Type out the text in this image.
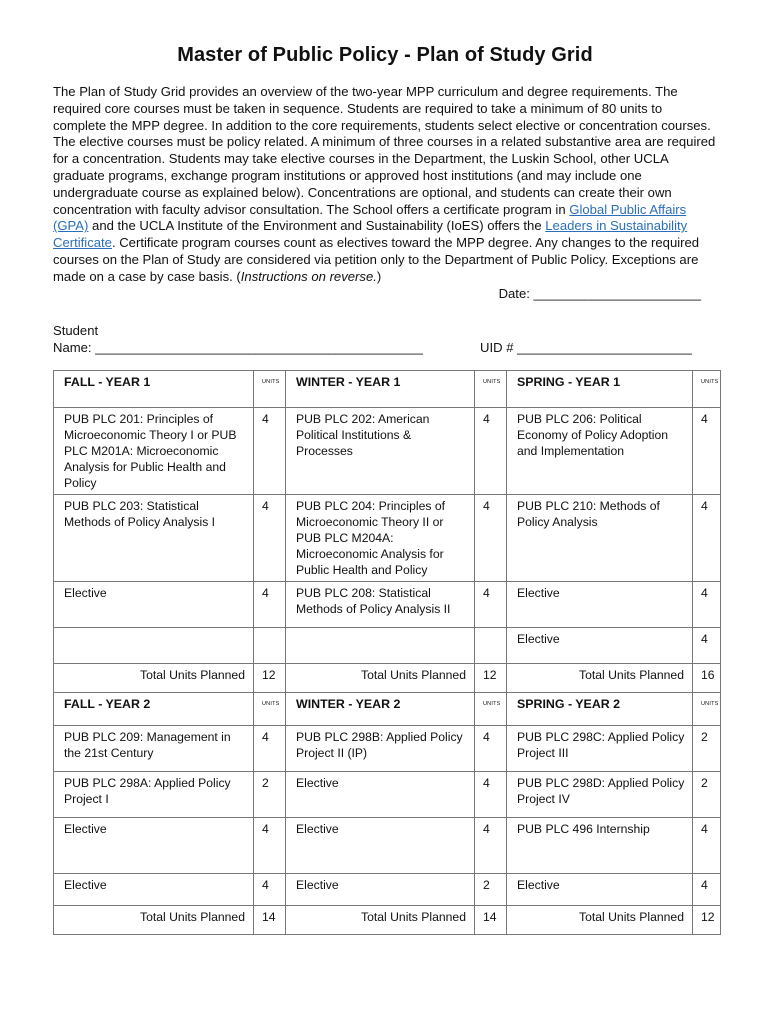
Master of Public Policy - Plan of Study Grid
The Plan of Study Grid provides an overview of the two-year MPP curriculum and degree requirements. The required core courses must be taken in sequence. Students are required to take a minimum of 80 units to complete the MPP degree. In addition to the core requirements, students select elective or concentration courses. The elective courses must be policy related. A minimum of three courses in a related substantive area are required for a concentration. Students may take elective courses in the Department, the Luskin School, other UCLA graduate programs, exchange program institutions or approved host institutions (and may include one undergraduate course as explained below). Concentrations are optional, and students can create their own concentration with faculty advisor consultation. The School offers a certificate program in Global Public Affairs (GPA) and the UCLA Institute of the Environment and Sustainability (IoES) offers the Leaders in Sustainability Certificate. Certificate program courses count as electives toward the MPP degree. Any changes to the required courses on the Plan of Study are considered via petition only to the Department of Public Policy. Exceptions are made on a case by case basis. (Instructions on reverse.)
Date: _______________________
Student
Name: _____________________________________________	UID # ________________________
FALL - YEAR 1	UNITS	WINTER - YEAR 1	UNITS	SPRING - YEAR 1	UNITS
PUB PLC 201: Principles of Microeconomic Theory I or PUB PLC M201A: Microeconomic Analysis for Public Health and Policy	4	PUB PLC 202: American Political Institutions & Processes	4	PUB PLC 206: Political Economy of Policy Adoption and Implementation	4
PUB PLC 203: Statistical Methods of Policy Analysis I	4	PUB PLC 204: Principles of Microeconomic Theory II or PUB PLC M204A: Microeconomic Analysis for Public Health and Policy	4	PUB PLC 210: Methods of Policy Analysis	4
Elective	4	PUB PLC 208: Statistical Methods of Policy Analysis II	4	Elective	4
				Elective	4
Total Units Planned	12	Total Units Planned	12	Total Units Planned	16
FALL - YEAR 2	UNITS	WINTER - YEAR 2	UNITS	SPRING - YEAR 2	UNITS
PUB PLC 209: Management in the 21st Century	4	PUB PLC 298B: Applied Policy Project II (IP)	4	PUB PLC 298C: Applied Policy Project III	2
PUB PLC 298A: Applied Policy Project I	2	Elective	4	PUB PLC 298D: Applied Policy Project IV	2
Elective	4	Elective	4	PUB PLC 496 Internship	4
Elective	4	Elective	2	Elective	4
Total Units Planned	14	Total Units Planned	14	Total Units Planned	12
